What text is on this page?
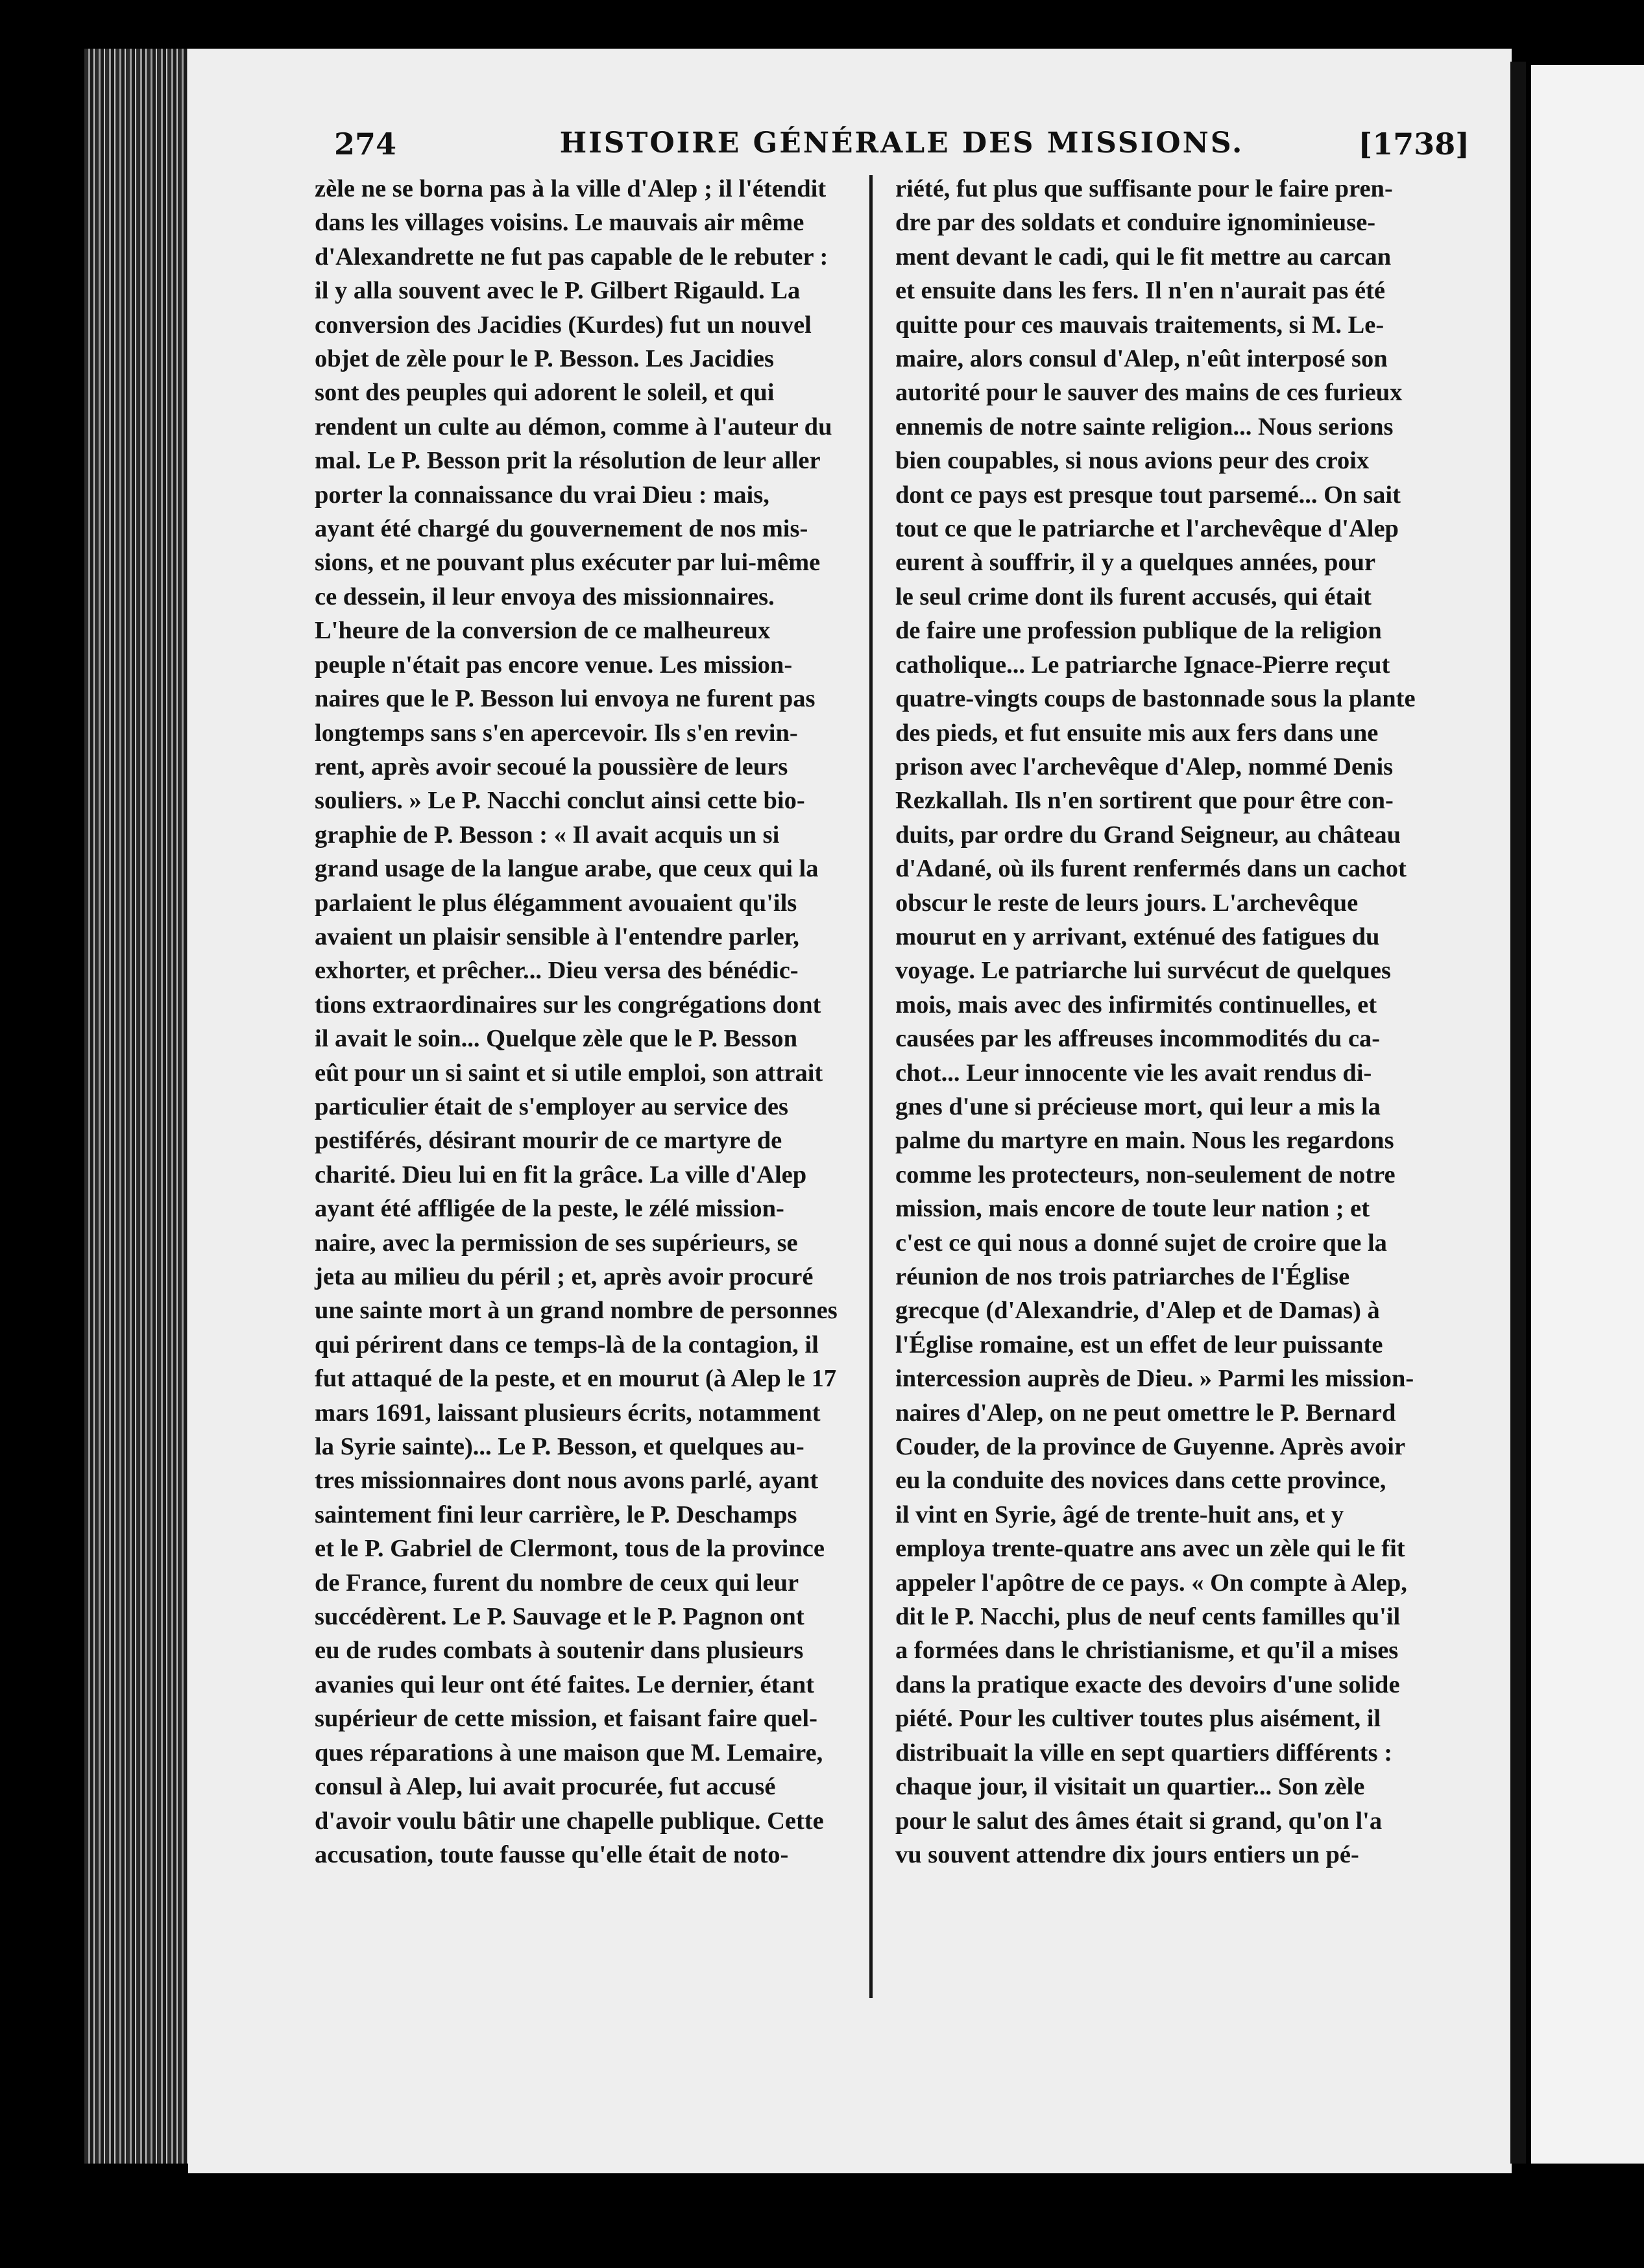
274	HISTOIRE GÉNÉRALE DES MISSIONS.	[1738]

zèle ne se borna pas à la ville d'Alep ; il l'étendit
dans les villages voisins. Le mauvais air même
d'Alexandrette ne fut pas capable de le rebuter :
il y alla souvent avec le P. Gilbert Rigauld. La
conversion des Jacidies (Kurdes) fut un nouvel
objet de zèle pour le P. Besson. Les Jacidies
sont des peuples qui adorent le soleil, et qui
rendent un culte au démon, comme à l'auteur du
mal. Le P. Besson prit la résolution de leur aller
porter la connaissance du vrai Dieu : mais,
ayant été chargé du gouvernement de nos mis-
sions, et ne pouvant plus exécuter par lui-même
ce dessein, il leur envoya des missionnaires.
L'heure de la conversion de ce malheureux
peuple n'était pas encore venue. Les mission-
naires que le P. Besson lui envoya ne furent pas
longtemps sans s'en apercevoir. Ils s'en revin-
rent, après avoir secoué la poussière de leurs
souliers. » Le P. Nacchi conclut ainsi cette bio-
graphie de P. Besson : « Il avait acquis un si
grand usage de la langue arabe, que ceux qui la
parlaient le plus élégamment avouaient qu'ils
avaient un plaisir sensible à l'entendre parler,
exhorter, et prêcher... Dieu versa des bénédic-
tions extraordinaires sur les congrégations dont
il avait le soin... Quelque zèle que le P. Besson
eût pour un si saint et si utile emploi, son attrait
particulier était de s'employer au service des
pestiférés, désirant mourir de ce martyre de
charité. Dieu lui en fit la grâce. La ville d'Alep
ayant été affligée de la peste, le zélé mission-
naire, avec la permission de ses supérieurs, se
jeta au milieu du péril ; et, après avoir procuré
une sainte mort à un grand nombre de personnes
qui périrent dans ce temps-là de la contagion, il
fut attaqué de la peste, et en mourut (à Alep le 17
mars 1691, laissant plusieurs écrits, notamment
la Syrie sainte)... Le P. Besson, et quelques au-
tres missionnaires dont nous avons parlé, ayant
saintement fini leur carrière, le P. Deschamps
et le P. Gabriel de Clermont, tous de la province
de France, furent du nombre de ceux qui leur
succédèrent. Le P. Sauvage et le P. Pagnon ont
eu de rudes combats à soutenir dans plusieurs
avanies qui leur ont été faites. Le dernier, étant
supérieur de cette mission, et faisant faire quel-
ques réparations à une maison que M. Lemaire,
consul à Alep, lui avait procurée, fut accusé
d'avoir voulu bâtir une chapelle publique. Cette
accusation, toute fausse qu'elle était de noto-

riété, fut plus que suffisante pour le faire pren-
dre par des soldats et conduire ignominieuse-
ment devant le cadi, qui le fit mettre au carcan
et ensuite dans les fers. Il n'en n'aurait pas été
quitte pour ces mauvais traitements, si M. Le-
maire, alors consul d'Alep, n'eût interposé son
autorité pour le sauver des mains de ces furieux
ennemis de notre sainte religion... Nous serions
bien coupables, si nous avions peur des croix
dont ce pays est presque tout parsemé... On sait
tout ce que le patriarche et l'archevêque d'Alep
eurent à souffrir, il y a quelques années, pour
le seul crime dont ils furent accusés, qui était
de faire une profession publique de la religion
catholique... Le patriarche Ignace-Pierre reçut
quatre-vingts coups de bastonnade sous la plante
des pieds, et fut ensuite mis aux fers dans une
prison avec l'archevêque d'Alep, nommé Denis
Rezkallah. Ils n'en sortirent que pour être con-
duits, par ordre du Grand Seigneur, au château
d'Adané, où ils furent renfermés dans un cachot
obscur le reste de leurs jours. L'archevêque
mourut en y arrivant, exténué des fatigues du
voyage. Le patriarche lui survécut de quelques
mois, mais avec des infirmités continuelles, et
causées par les affreuses incommodités du ca-
chot... Leur innocente vie les avait rendus di-
gnes d'une si précieuse mort, qui leur a mis la
palme du martyre en main. Nous les regardons
comme les protecteurs, non-seulement de notre
mission, mais encore de toute leur nation ; et
c'est ce qui nous a donné sujet de croire que la
réunion de nos trois patriarches de l'Église
grecque (d'Alexandrie, d'Alep et de Damas) à
l'Église romaine, est un effet de leur puissante
intercession auprès de Dieu. » Parmi les mission-
naires d'Alep, on ne peut omettre le P. Bernard
Couder, de la province de Guyenne. Après avoir
eu la conduite des novices dans cette province,
il vint en Syrie, âgé de trente-huit ans, et y
employa trente-quatre ans avec un zèle qui le fit
appeler l'apôtre de ce pays. « On compte à Alep,
dit le P. Nacchi, plus de neuf cents familles qu'il
a formées dans le christianisme, et qu'il a mises
dans la pratique exacte des devoirs d'une solide
piété. Pour les cultiver toutes plus aisément, il
distribuait la ville en sept quartiers différents :
chaque jour, il visitait un quartier... Son zèle
pour le salut des âmes était si grand, qu'on l'a
vu souvent attendre dix jours entiers un pé-
